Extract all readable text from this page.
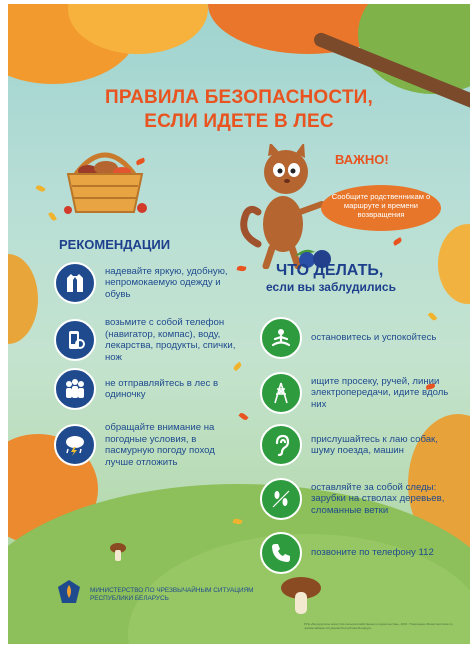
ПРАВИЛА БЕЗОПАСНОСТИ,
ЕСЛИ ИДЕТЕ В ЛЕС
ВАЖНО!
Сообщите родственникам о маршруте и времени возвращения
РЕКОМЕНДАЦИИ
надевайте яркую, удобную, непромокаемую одежду и обувь
возьмите с собой телефон (навигатор, компас), воду, лекарства, продукты, спички, нож
не отправляйтесь в лес в одиночку
обращайте внимание на погодные условия, в пасмурную погоду поход лучше отложить
ЧТО ДЕЛАТЬ,
если вы заблудились
остановитесь и успокойтесь
ищите просеку, ручей, линии электропередачи, идите вдоль них
прислушайтесь к лаю собак, шуму поезда, машин
оставляйте за собой следы: зарубки на стволах деревьев, сломанные ветки
позвоните по телефону 112
МИНИСТЕРСТВО ПО ЧРЕЗВЫЧАЙНЫМ СИТУАЦИЯМ
РЕСПУБЛИКИ БЕЛАРУСЬ
РУЕ «Белорусское агентство сельскохозяйственного издательства», 2016. Утверждено Министерством по чрезвычайным ситуациям Республики Беларусь
